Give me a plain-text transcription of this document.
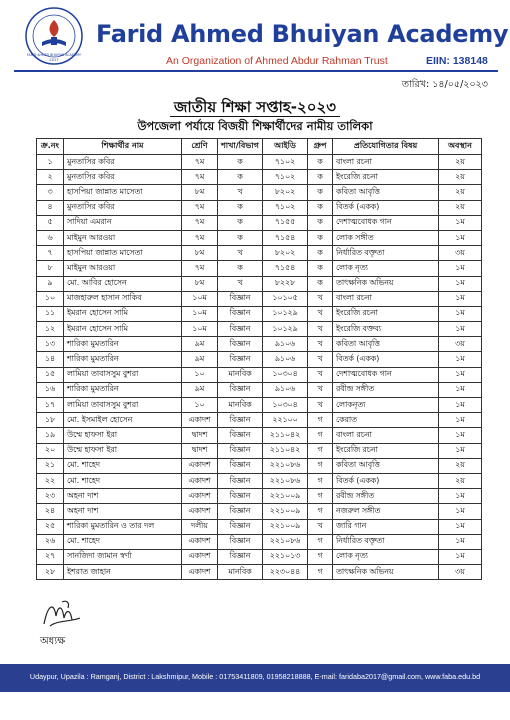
FARID AHMED BHUIYAN ACADEMY
2017
Farid Ahmed Bhuiyan Academy
An Organization of Ahmed Abdur Rahman Trust	EIIN: 138148
তারিখ: ১৪/০৫/২০২৩
জাতীয় শিক্ষা সপ্তাহ-২০২৩
উপজেলা পর্যায়ে বিজয়ী শিক্ষার্থীদের নামীয় তালিকা
ক্র.নং	শিক্ষার্থীর নাম	শ্রেণি	শাখা/বিভাগ	আইডি	গ্রুপ	প্রতিযোগিতার বিষয়	অবস্থান
১	মুনতাসির কবির	৭ম	ক	৭১০২	ক	বাংলা রচনা	২য়
২	মুনতাসির কবির	৭ম	ক	৭১০২	ক	ইংরেজি রচনা	২য়
৩	হাসপিয়া জান্নাত মাসেতা	৮ম	খ	৮২০২	ক	কবিতা আবৃত্তি	২য়
৪	মুনতাসির কবির	৭ম	ক	৭১০২	ক	বিতর্ক (একক)	২য়
৫	সাদিয়া এমরান	৭ম	ক	৭১৫৫	ক	দেশাত্মবোধক গান	১ম
৬	মাইমুন আরওয়া	৭ম	ক	৭১৫৪	ক	লোক সঙ্গীত	১ম
৭	হাসপিয়া জান্নাত মাসেতা	৮ম	খ	৮২০২	ক	নির্ধারিত বক্তৃতা	৩য়
৮	মাইমুন আরওয়া	৭ম	ক	৭১৫৪	ক	লোক নৃত্য	১ম
৯	মো. আবির হোসেন	৮ম	খ	৮২২৮	ক	তাৎক্ষনিক অভিনয়	১ম
১০	মাজহারুল হাসান সাকিব	১০ম	বিজ্ঞান	১০১০৫	খ	বাংলা রচনা	১ম
১১	ইমরান হোসেন সামি	১০ম	বিজ্ঞান	১০১২৯	খ	ইংরেজি রচনা	১ম
১২	ইমরান হোসেন সামি	১০ম	বিজ্ঞান	১০১২৯	খ	ইংরেজি বক্তব্য	১ম
১৩	শারিকা মুমতারিন	৯ম	বিজ্ঞান	৯১০৬	খ	কবিতা আবৃত্তি	৩য়
১৪	শারিকা মুমতারিন	৯ম	বিজ্ঞান	৯১০৬	খ	বিতর্ক (একক)	১ম
১৫	লামিয়া তাবাসসুম বুশরা	১০	মানবিক	১০৩০৪	খ	দেশাত্মবোধক গান	১ম
১৬	শারিকা মুমতারিন	৯ম	বিজ্ঞান	৯১০৬	খ	রবীন্দ্র সঙ্গীত	১ম
১৭	লামিয়া তাবাসসুম বুশরা	১০	মানবিক	১০৩০৪	খ	লোকনৃত্য	১ম
১৮	মো. ইসমাইল হোসেন	একাদশ	বিজ্ঞান	২২১০০	গ	কেরাত	১ম
১৯	উম্মে হাফসা ইরা	দ্বাদশ	বিজ্ঞান	২১১০৪২	গ	বাংলা রচনা	১ম
২০	উম্মে হাফসা ইরা	দ্বাদশ	বিজ্ঞান	২১১০৪২	গ	ইংরেজি রচনা	১ম
২১	মো. শাহেদ	একাদশ	বিজ্ঞান	২২১০৮৬	গ	কবিতা আবৃত্তি	২য়
২২	মো. শাহেদ	একাদশ	বিজ্ঞান	২২১০৮৬	গ	বিতর্ক (একক)	২য়
২৩	অহনা দাশ	একাদশ	বিজ্ঞান	২২১০০৯	গ	রবীন্দ্র সঙ্গীত	১ম
২৪	অহনা দাশ	একাদশ	বিজ্ঞান	২২১০০৯	গ	নজরুল সঙ্গীত	১ম
২৫	শারিকা মুমতারিন ও তার দল	দলীয়	বিজ্ঞান	২২১০০৯	খ	জারি গান	১ম
২৬	মো. শাহেদ	একাদশ	বিজ্ঞান	২২১০৮৬	গ	নির্ধারিত বক্তৃতা	১ম
২৭	সানজিদা জামান স্বর্ণা	একাদশ	বিজ্ঞান	২২১০১৩	গ	লোক নৃত্য	১ম
২৮	ইশরাত জাহান	একাদশ	মানবিক	২২৩০৪৪	গ	তাৎক্ষনিক অভিনয়	৩য়
অধ্যক্ষ
Udaypur, Upazila : Ramganj, District : Lakshmipur, Mobile : 01753411809, 01958218888, E-mail: faridaba2017@gmail.com, www.faba.edu.bd
